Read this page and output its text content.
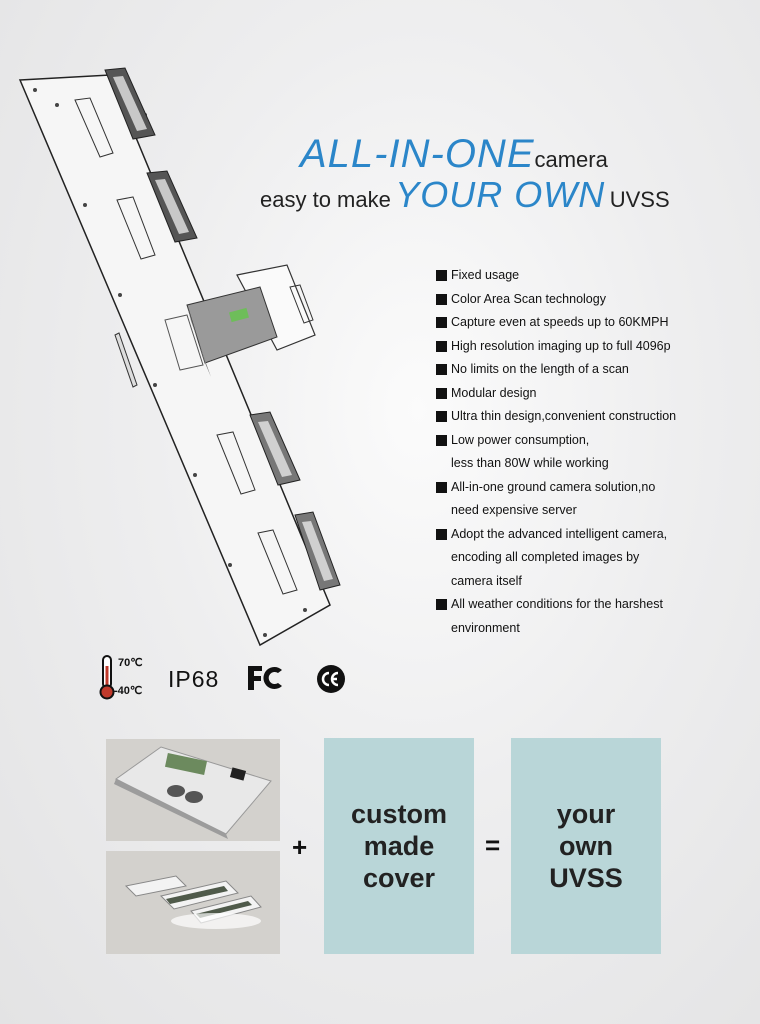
ALL-IN-ONEcamera
easy to make YOUR OWN UVSS
Fixed usage
Color Area Scan technology
Capture even at speeds up to 60KMPH
High resolution imaging up to full 4096p
No limits on the length of a scan
Modular design
Ultra thin design,convenient construction
Low power consumption,
less than 80W while working
All-in-one ground camera solution,no
need expensive server
Adopt the advanced intelligent camera,
encoding all completed images by camera itself
All weather conditions for the harshest
environment
70℃
-40℃ IP68
+
custom
made
cover
=
your
own
UVSS
